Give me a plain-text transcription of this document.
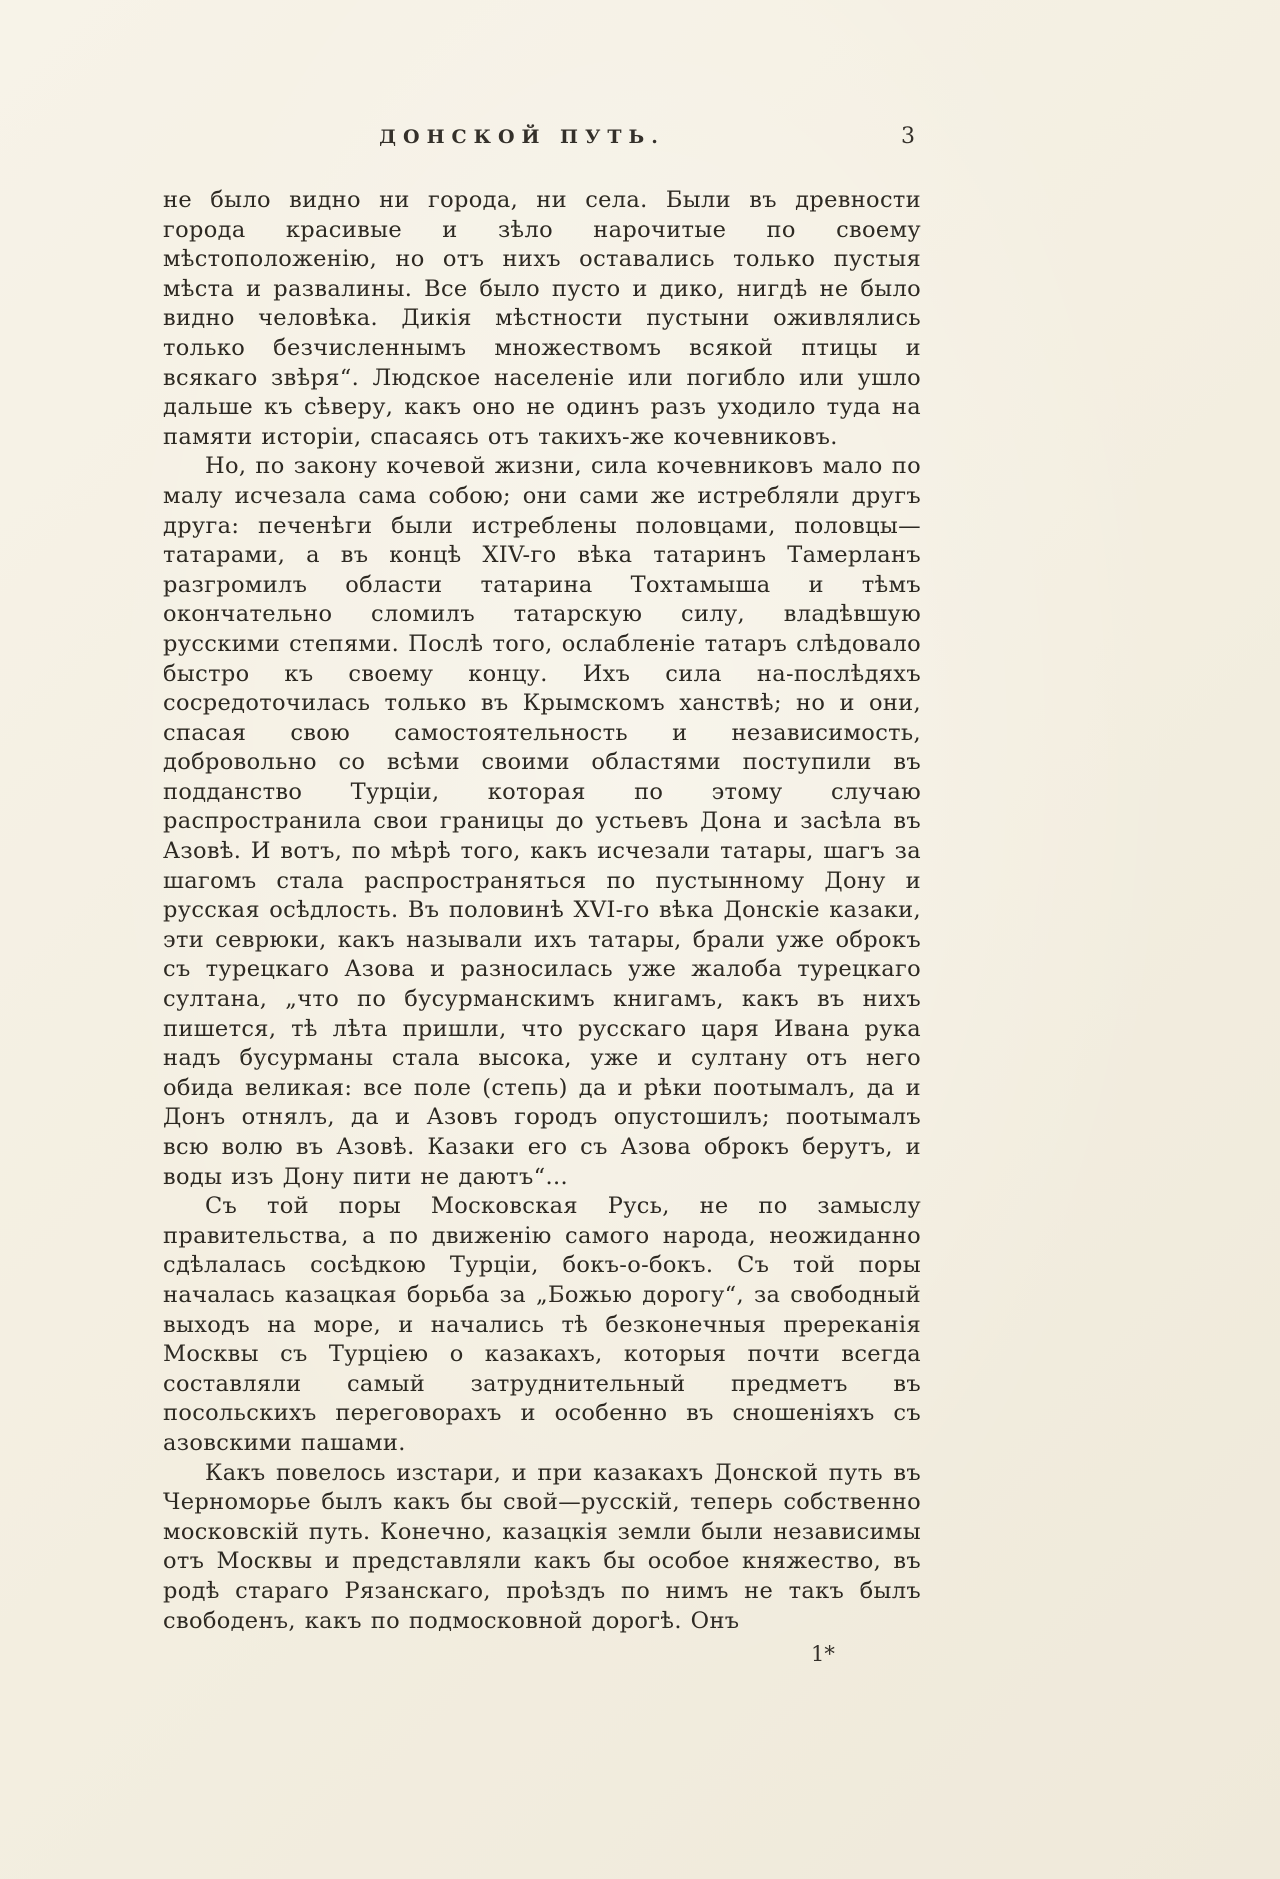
ДОНСКОЙ ПУТЬ.	3

не было видно ни города, ни села. Были въ древности города красивые и зѣло нарочитые по своему мѣстоположенію, но отъ нихъ оставались только пустыя мѣста и развалины. Все было пусто и дико, нигдѣ не было видно человѣка. Дикія мѣстности пустыни оживлялись только безчисленнымъ множествомъ всякой птицы и всякаго звѣря“. Людское населеніе или погибло или ушло дальше къ сѣверу, какъ оно не одинъ разъ уходило туда на памяти исторіи, спасаясь отъ такихъ-же кочевниковъ.

Но, по закону кочевой жизни, сила кочевниковъ мало по малу исчезала сама собою; они сами же истребляли другъ друга: печенѣги были истреблены половцами, половцы—татарами, а въ концѣ XIV-го вѣка татаринъ Тамерланъ разгромилъ области татарина Тохтамыша и тѣмъ окончательно сломилъ татарскую силу, владѣвшую русскими степями. Послѣ того, ослабленіе татаръ слѣдовало быстро къ своему концу. Ихъ сила на-послѣдяхъ сосредоточилась только въ Крымскомъ ханствѣ; но и они, спасая свою самостоятельность и независимость, добровольно со всѣми своими областями поступили въ подданство Турціи, которая по этому случаю распространила свои границы до устьевъ Дона и засѣла въ Азовѣ. И вотъ, по мѣрѣ того, какъ исчезали татары, шагъ за шагомъ стала распространяться по пустынному Дону и русская осѣдлость. Въ половинѣ XVI-го вѣка Донскіе казаки, эти севрюки, какъ называли ихъ татары, брали уже оброкъ съ турецкаго Азова и разносилась уже жалоба турецкаго султана, „что по бусурманскимъ книгамъ, какъ въ нихъ пишется, тѣ лѣта пришли, что русскаго царя Ивана рука надъ бусурманы стала высока, уже и султану отъ него обида великая: все поле (степь) да и рѣки поотымалъ, да и Донъ отнялъ, да и Азовъ городъ опустошилъ; поотымалъ всю волю въ Азовѣ. Казаки его съ Азова оброкъ берутъ, и воды изъ Дону пити не даютъ“...

Съ той поры Московская Русь, не по замыслу правительства, а по движенію самого народа, неожиданно сдѣлалась сосѣдкою Турціи, бокъ-о-бокъ. Съ той поры началась казацкая борьба за „Божью дорогу“, за свободный выходъ на море, и начались тѣ безконечныя пререканія Москвы съ Турціею о казакахъ, которыя почти всегда составляли самый затруднительный предметъ въ посольскихъ переговорахъ и особенно въ сношеніяхъ съ азовскими пашами.

Какъ повелось изстари, и при казакахъ Донской путь въ Черноморье былъ какъ бы свой—русскій, теперь собственно московскій путь. Конечно, казацкія земли были независимы отъ Москвы и представляли какъ бы особое княжество, въ родѣ стараго Рязанскаго, проѣздъ по нимъ не такъ былъ свободенъ, какъ по подмосковной дорогѣ. Онъ

1*
